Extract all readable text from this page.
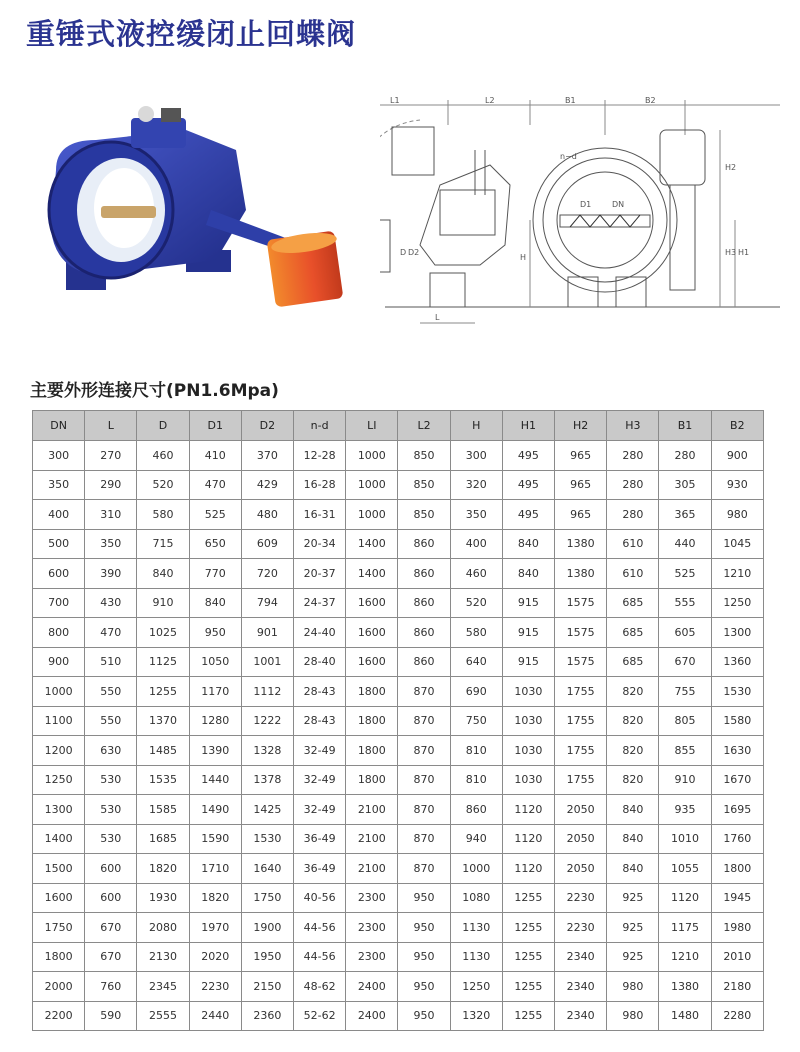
重锤式液控缓闭止回蝶阀
L1	L2
D D2
L
B1	B2
D1	DN
n−d
H2
H3 H1
H
主要外形连接尺寸(PN1.6Mpa)
DN	L	D	D1	D2	n-d	LI	L2	H	H1	H2	H3	B1	B2
300	270	460	410	370	12-28	1000	850	300	495	965	280	280	900
350	290	520	470	429	16-28	1000	850	320	495	965	280	305	930
400	310	580	525	480	16-31	1000	850	350	495	965	280	365	980
500	350	715	650	609	20-34	1400	860	400	840	1380	610	440	1045
600	390	840	770	720	20-37	1400	860	460	840	1380	610	525	1210
700	430	910	840	794	24-37	1600	860	520	915	1575	685	555	1250
800	470	1025	950	901	24-40	1600	860	580	915	1575	685	605	1300
900	510	1125	1050	1001	28-40	1600	860	640	915	1575	685	670	1360
1000	550	1255	1170	1112	28-43	1800	870	690	1030	1755	820	755	1530
1100	550	1370	1280	1222	28-43	1800	870	750	1030	1755	820	805	1580
1200	630	1485	1390	1328	32-49	1800	870	810	1030	1755	820	855	1630
1250	530	1535	1440	1378	32-49	1800	870	810	1030	1755	820	910	1670
1300	530	1585	1490	1425	32-49	2100	870	860	1120	2050	840	935	1695
1400	530	1685	1590	1530	36-49	2100	870	940	1120	2050	840	1010	1760
1500	600	1820	1710	1640	36-49	2100	870	1000	1120	2050	840	1055	1800
1600	600	1930	1820	1750	40-56	2300	950	1080	1255	2230	925	1120	1945
1750	670	2080	1970	1900	44-56	2300	950	1130	1255	2230	925	1175	1980
1800	670	2130	2020	1950	44-56	2300	950	1130	1255	2340	925	1210	2010
2000	760	2345	2230	2150	48-62	2400	950	1250	1255	2340	980	1380	2180
2200	590	2555	2440	2360	52-62	2400	950	1320	1255	2340	980	1480	2280
